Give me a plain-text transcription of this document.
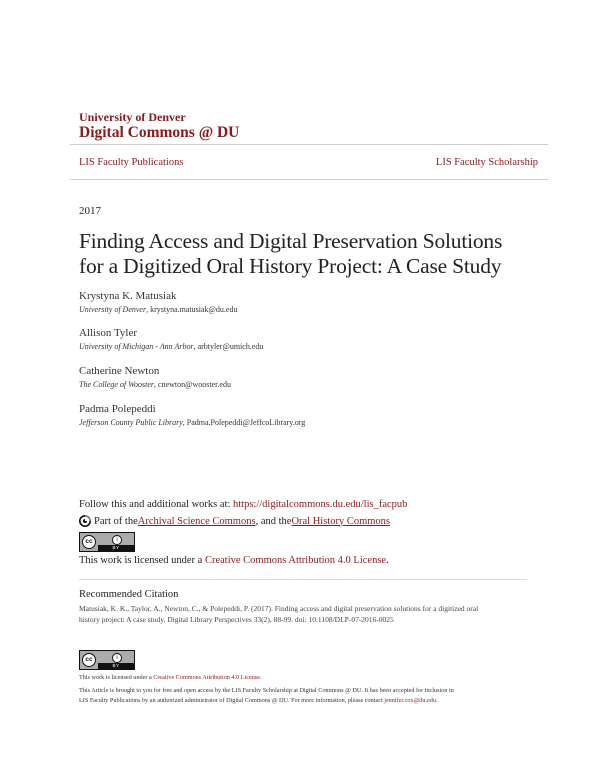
University of Denver
Digital Commons @ DU
LIS Faculty Publications	LIS Faculty Scholarship
2017
Finding Access and Digital Preservation Solutions
for a Digitized Oral History Project: A Case Study
Krystyna K. Matusiak
University of Denver, krystyna.matusiak@du.edu
Allison Tyler
University of Michigan - Ann Arbor, arbtyler@umich.edu
Catherine Newton
The College of Wooster, cnewton@wooster.edu
Padma Polepeddi
Jefferson County Public Library, Padma.Polepeddi@JeffcoLibrary.org
Follow this and additional works at: https://digitalcommons.du.edu/lis_facpub
Part of the Archival Science Commons , and the Oral History Commons
cc	i
BY
This work is licensed under a Creative Commons Attribution 4.0 License.
Recommended Citation
Matusiak, K. K., Taylor, A., Newton, C., & Polepeddi, P. (2017). Finding access and digital preservation solutions for a digitized oral
history project: A case study. Digital Library Perspectives 33(2), 88-99. doi: 10.1108/DLP-07-2016-0025
cc	i
BY
This work is licensed under a Creative Commons Attribution 4.0 License.
This Article is brought to you for free and open access by the LIS Faculty Scholarship at Digital Commons @ DU. It has been accepted for inclusion in
LIS Faculty Publications by an authorized administrator of Digital Commons @ DU. For more information, please contact jennifer.cox@du.edu.
